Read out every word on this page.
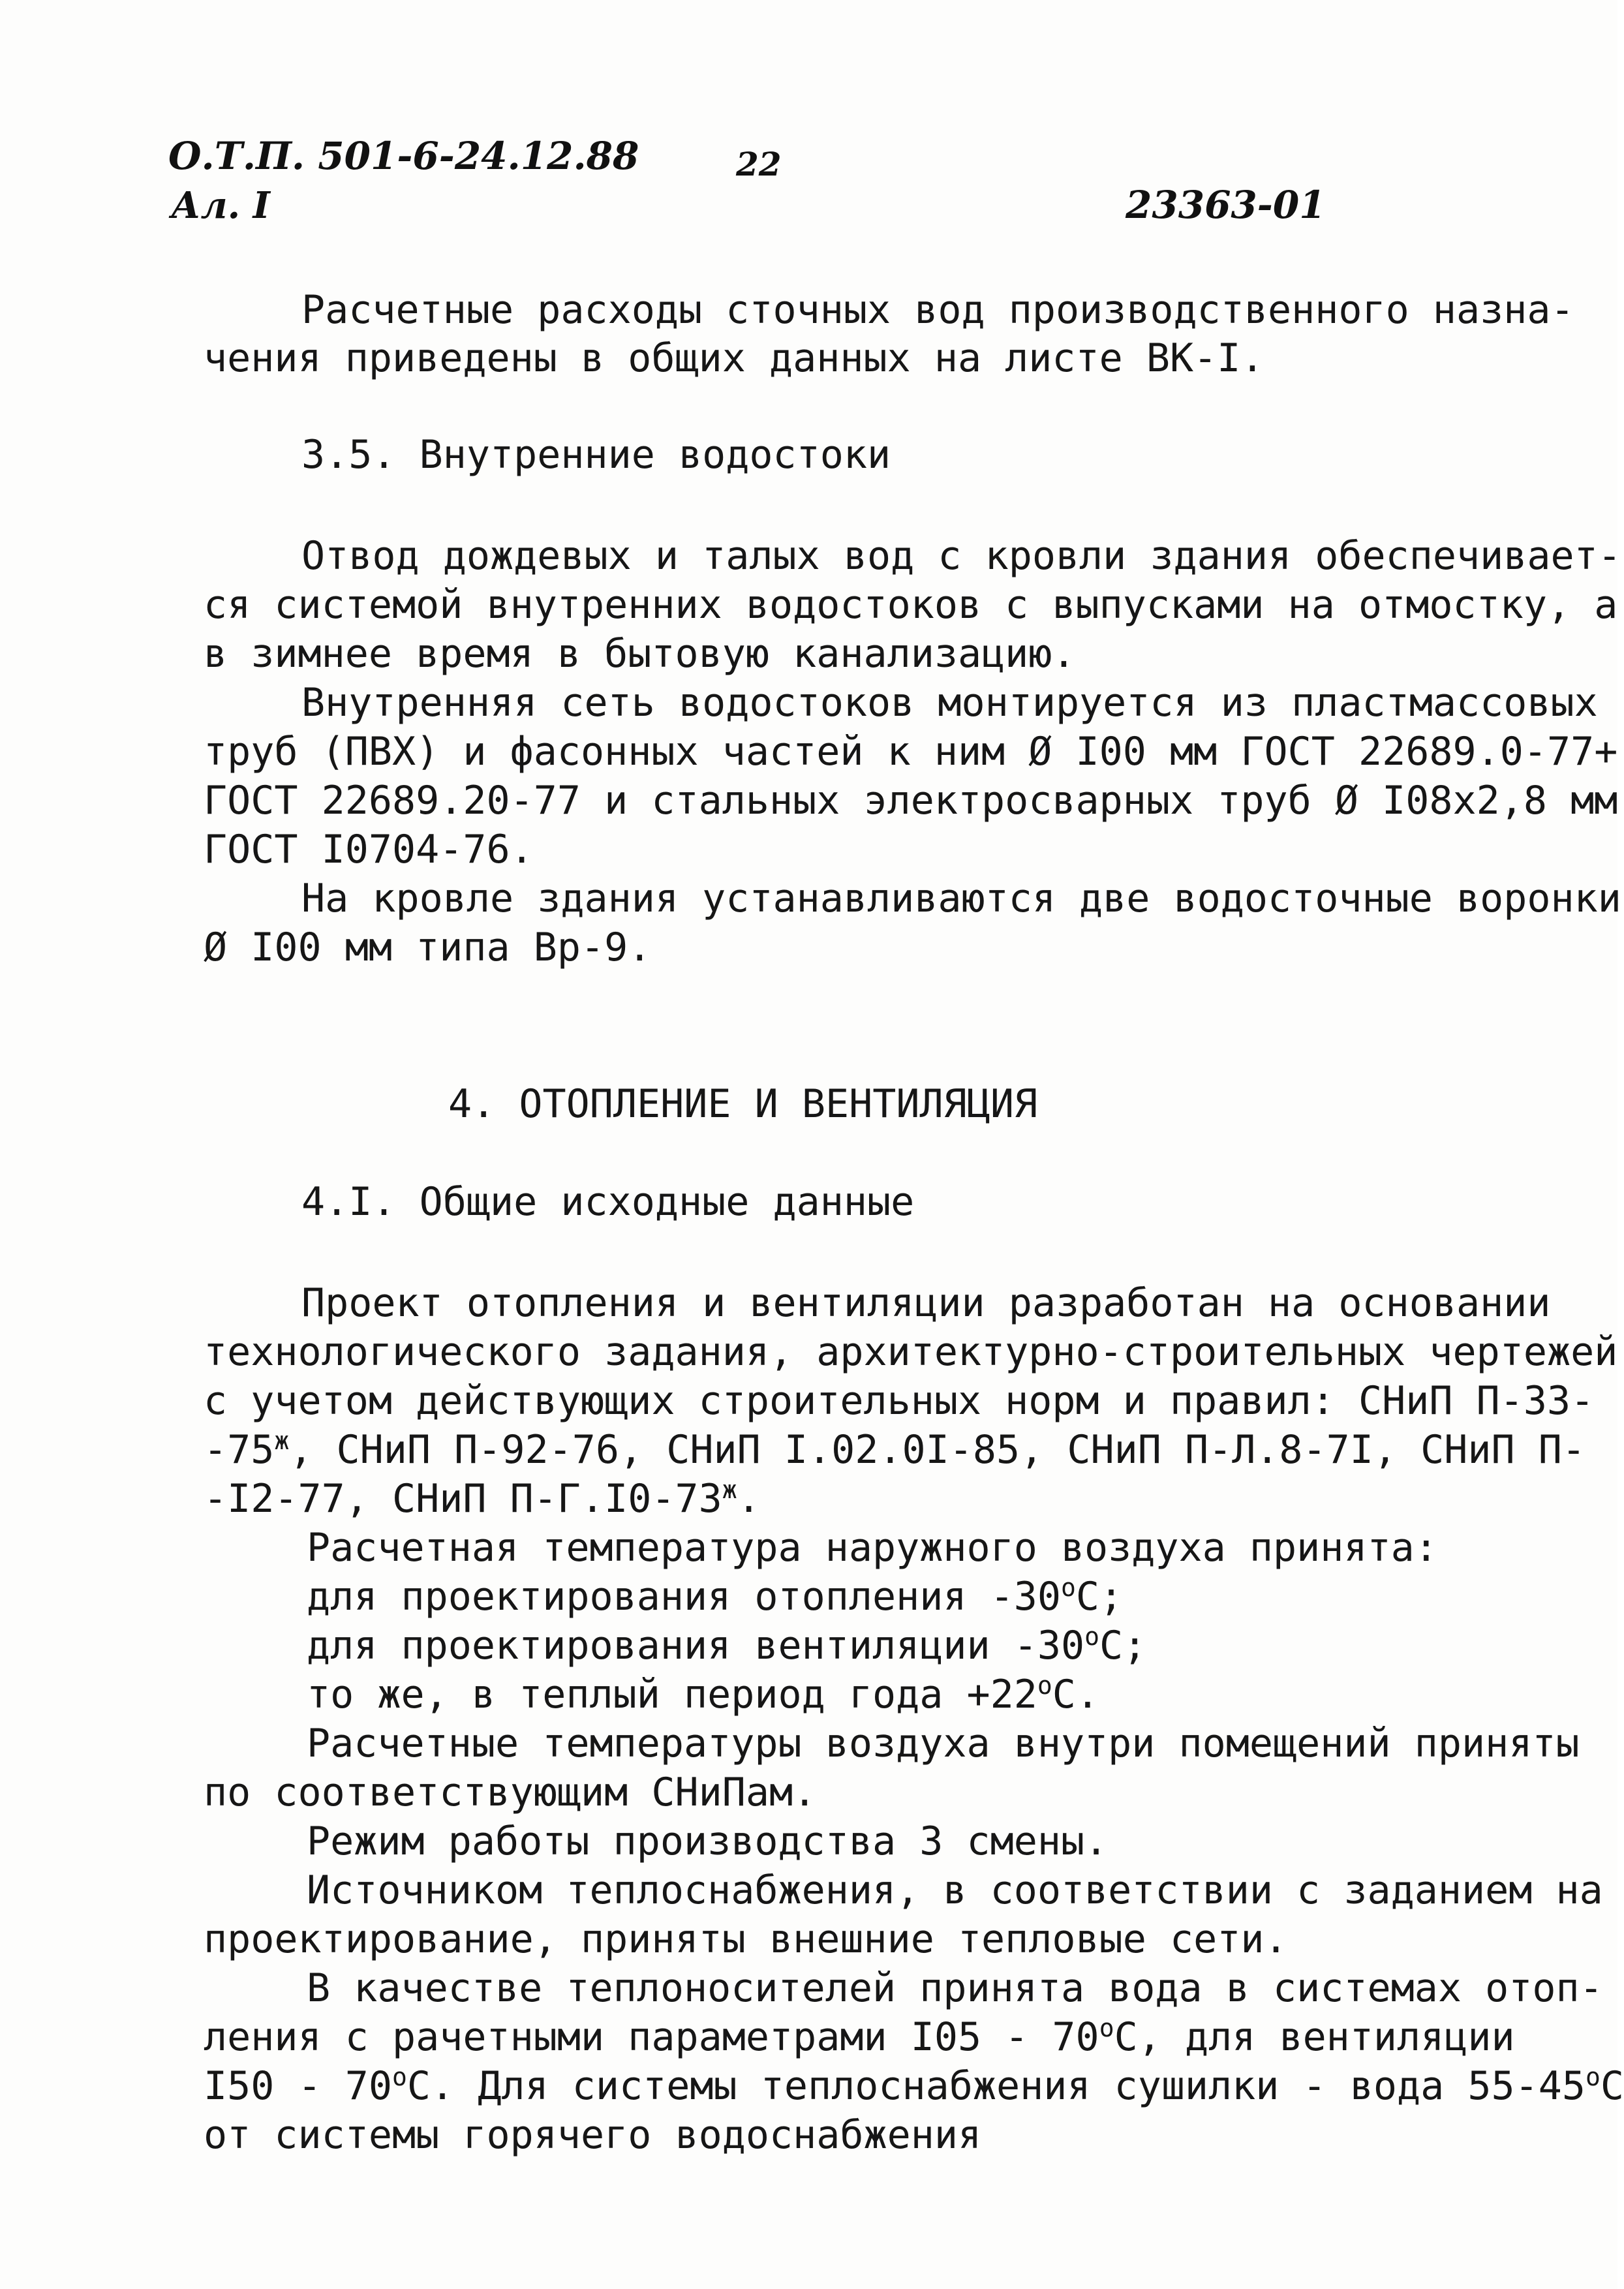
О.Т.П. 501-6-24.12.88
Ал. I
22
23363-01
Расчетные расходы сточных вод производственного назна-
чения приведены в общих данных на листе ВК-I.
3.5. Внутренние водостоки
Отвод дождевых и талых вод с кровли здания обеспечивает-
ся системой внутренних водостоков с выпусками на отмостку, а
в зимнее время в бытовую канализацию.
Внутренняя сеть водостоков монтируется из пластмассовых
труб (ПВХ) и фасонных частей к ним Ø I00 мм ГОСТ 22689.0-77+
ГОСТ 22689.20-77 и стальных электросварных труб Ø I08х2,8 мм
ГОСТ I0704-76.
На кровле здания устанавливаются две водосточные воронки
Ø I00 мм типа Вр-9.
4. ОТОПЛЕНИЕ И ВЕНТИЛЯЦИЯ
4.I. Общие исходные данные
Проект отопления и вентиляции разработан на основании
технологического задания, архитектурно-строительных чертежей
с учетом действующих строительных норм и правил: СНиП П-33-
$-75^ж$, СНиП П-92-76, СНиП I.02.0I-85, СНиП П-Л.8-7I, СНиП П-
-I2-77, СНиП $П-Г.I0-73^ж$.
Расчетная температура наружного воздуха принята:
для проектирования отопления $-30^оС$;
для проектирования вентиляции $-30^оС$;
то же, в теплый период года $+22^оС$.
Расчетные температуры воздуха внутри помещений приняты
по соответствующим СНиПам.
Режим работы производства 3 смены.
Источником теплоснабжения, в соответствии с заданием на
проектирование, приняты внешние тепловые сети.
В качестве теплоносителей принята вода в системах отоп-
ления с рачетными параметрами $I05 - 70^оС$, для вентиляции
$I50 - 70^оС$. Для системы теплоснабжения сушилки - вода $55-45^оС$
от системы горячего водоснабжения
